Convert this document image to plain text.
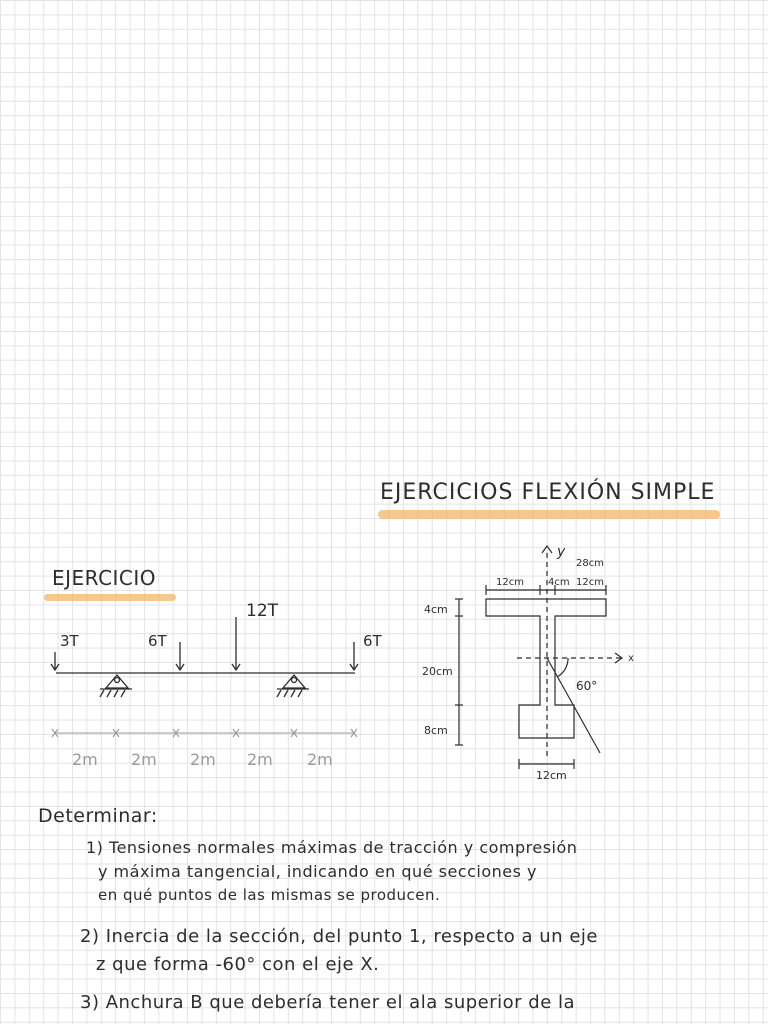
EJERCICIOS FLEXIÓN SIMPLE
EJERCICIO
3T	6T
12T
6T
2m 2m 2m 2m 2m
y
x
28cm
12cm 4cm 12cm
4cm
20cm
8cm
12cm
60°
Determinar:
1) Tensiones normales máximas de tracción y compresión
y máxima tangencial, indicando en qué secciones y
en qué puntos de las mismas se producen.
2) Inercia de la sección, del punto 1, respecto a un eje
z que forma -60° con el eje X.
3) Anchura B que debería tener el ala superior de la
